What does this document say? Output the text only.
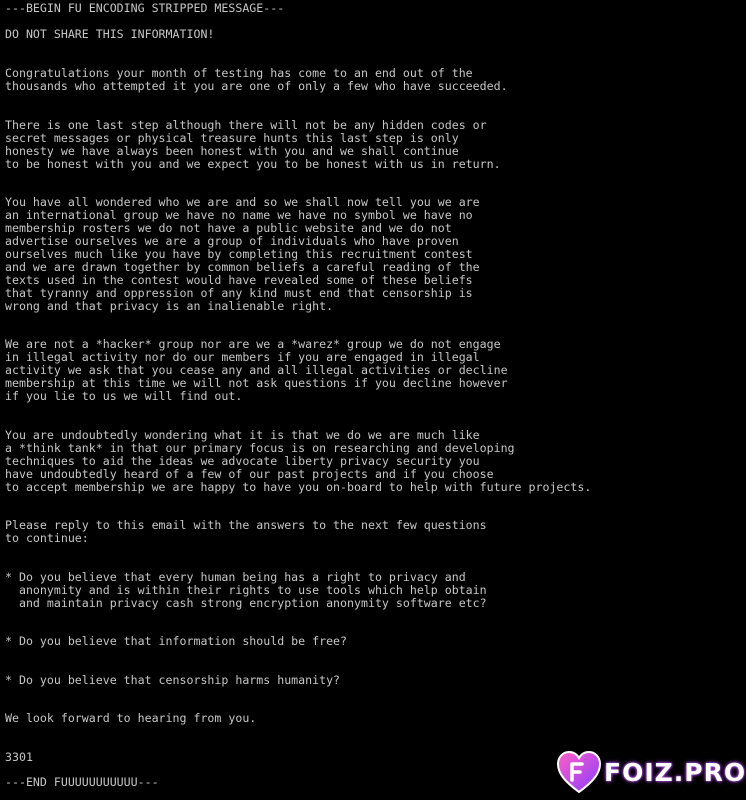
---BEGIN FU ENCODING STRIPPED MESSAGE---
DO NOT SHARE THIS INFORMATION!
Congratulations your month of testing has come to an end out of the
thousands who attempted it you are one of only a few who have succeeded.
There is one last step although there will not be any hidden codes or
secret messages or physical treasure hunts this last step is only
honesty we have always been honest with you and we shall continue
to be honest with you and we expect you to be honest with us in return.
You have all wondered who we are and so we shall now tell you we are
an international group we have no name we have no symbol we have no
membership rosters we do not have a public website and we do not
advertise ourselves we are a group of individuals who have proven
ourselves much like you have by completing this recruitment contest
and we are drawn together by common beliefs a careful reading of the
texts used in the contest would have revealed some of these beliefs
that tyranny and oppression of any kind must end that censorship is
wrong and that privacy is an inalienable right.
We are not a *hacker* group nor are we a *warez* group we do not engage
in illegal activity nor do our members if you are engaged in illegal
activity we ask that you cease any and all illegal activities or decline
membership at this time we will not ask questions if you decline however
if you lie to us we will find out.
You are undoubtedly wondering what it is that we do we are much like
a *think tank* in that our primary focus is on researching and developing
techniques to aid the ideas we advocate liberty privacy security you
have undoubtedly heard of a few of our past projects and if you choose
to accept membership we are happy to have you on-board to help with future projects.
Please reply to this email with the answers to the next few questions
to continue:
* Do you believe that every human being has a right to privacy and
anonymity and is within their rights to use tools which help obtain
and maintain privacy cash strong encryption anonymity software etc?
* Do you believe that information should be free?
* Do you believe that censorship harms humanity?
We look forward to hearing from you.
3301
---END FUUUUUUUUUUU---	FOIZ.PRO
